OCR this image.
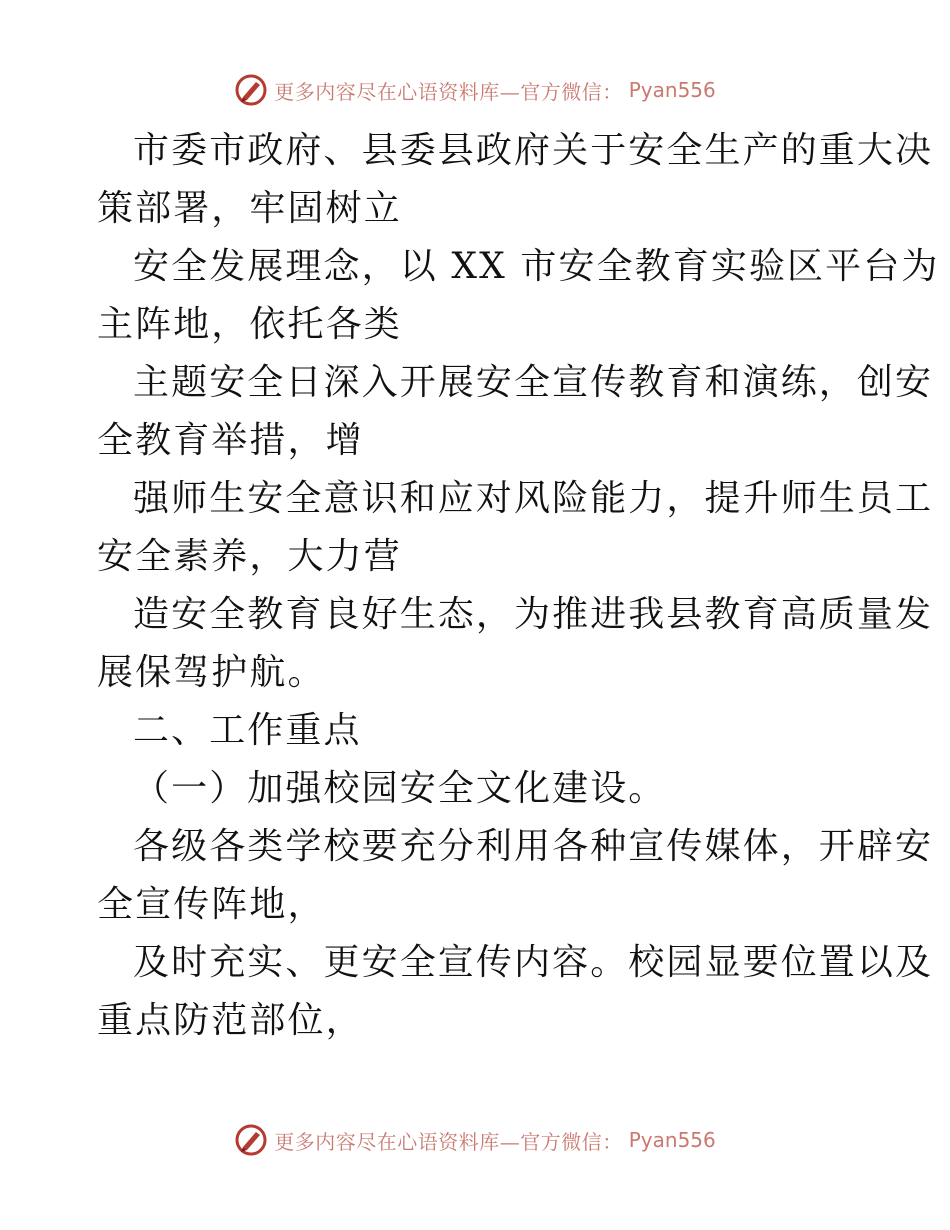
更多内容尽在心语资料库—官方微信： Pyan556

市委市政府、县委县政府关于安全生产的重大决

策部署，牢固树立

安全发展理念，以 XX 市安全教育实验区平台为

主阵地，依托各类

主题安全日深入开展安全宣传教育和演练，创安

全教育举措，增

强师生安全意识和应对风险能力，提升师生员工

安全素养，大力营

造安全教育良好生态，为推进我县教育高质量发

展保驾护航。

二、工作重点

（一）加强校园安全文化建设。

各级各类学校要充分利用各种宣传媒体，开辟安

全宣传阵地，

及时充实、更安全宣传内容。校园显要位置以及

重点防范部位，

更多内容尽在心语资料库—官方微信： Pyan556
